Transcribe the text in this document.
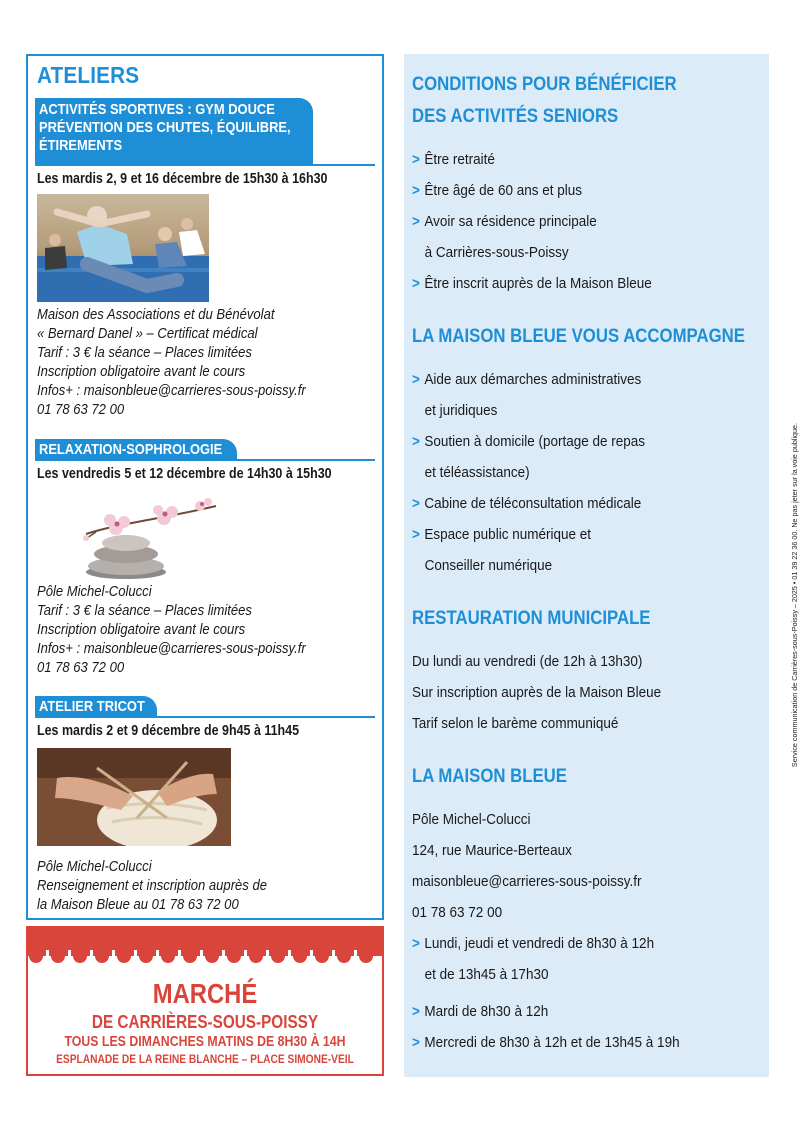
ATELIERS
ACTIVITÉS SPORTIVES : GYM DOUCE
PRÉVENTION DES CHUTES, ÉQUILIBRE,
ÉTIREMENTS
Les mardis 2, 9 et 16 décembre de 15h30 à 16h30
Maison des Associations et du Bénévolat
« Bernard Danel » – Certificat médical
Tarif : 3 € la séance – Places limitées
Inscription obligatoire avant le cours
Infos+ : maisonbleue@carrieres-sous-poissy.fr
01 78 63 72 00
RELAXATION-SOPHROLOGIE
Les vendredis 5 et 12 décembre de 14h30 à 15h30
Pôle Michel-Colucci
Tarif : 3 € la séance – Places limitées
Inscription obligatoire avant le cours
Infos+ : maisonbleue@carrieres-sous-poissy.fr
01 78 63 72 00
ATELIER TRICOT
Les mardis 2 et 9 décembre de 9h45 à 11h45
Pôle Michel-Colucci
Renseignement et inscription auprès de
la Maison Bleue au 01 78 63 72 00
MARCHÉ
DE CARRIÈRES-SOUS-POISSY
TOUS LES DIMANCHES MATINS DE 8H30 À 14H
ESPLANADE DE LA REINE BLANCHE – PLACE SIMONE-VEIL
CONDITIONS POUR BÉNÉFICIER
DES ACTIVITÉS SENIORS
> Être retraité
> Être âgé de 60 ans et plus
> Avoir sa résidence principale
à Carrières-sous-Poissy
> Être inscrit auprès de la Maison Bleue
LA MAISON BLEUE VOUS ACCOMPAGNE
> Aide aux démarches administratives
et juridiques
> Soutien à domicile (portage de repas
et téléassistance)
> Cabine de téléconsultation médicale
> Espace public numérique et
Conseiller numérique
RESTAURATION MUNICIPALE
Du lundi au vendredi (de 12h à 13h30)
Sur inscription auprès de la Maison Bleue
Tarif selon le barème communiqué
LA MAISON BLEUE
Pôle Michel-Colucci
124, rue Maurice-Berteaux
maisonbleue@carrieres-sous-poissy.fr
01 78 63 72 00
> Lundi, jeudi et vendredi de 8h30 à 12h
et de 13h45 à 17h30
> Mardi de 8h30 à 12h
> Mercredi de 8h30 à 12h et de 13h45 à 19h
Service communication de Carrières-sous-Poissy – 2025 • 01 39 22 36 00. Ne pas jeter sur la voie publique.
